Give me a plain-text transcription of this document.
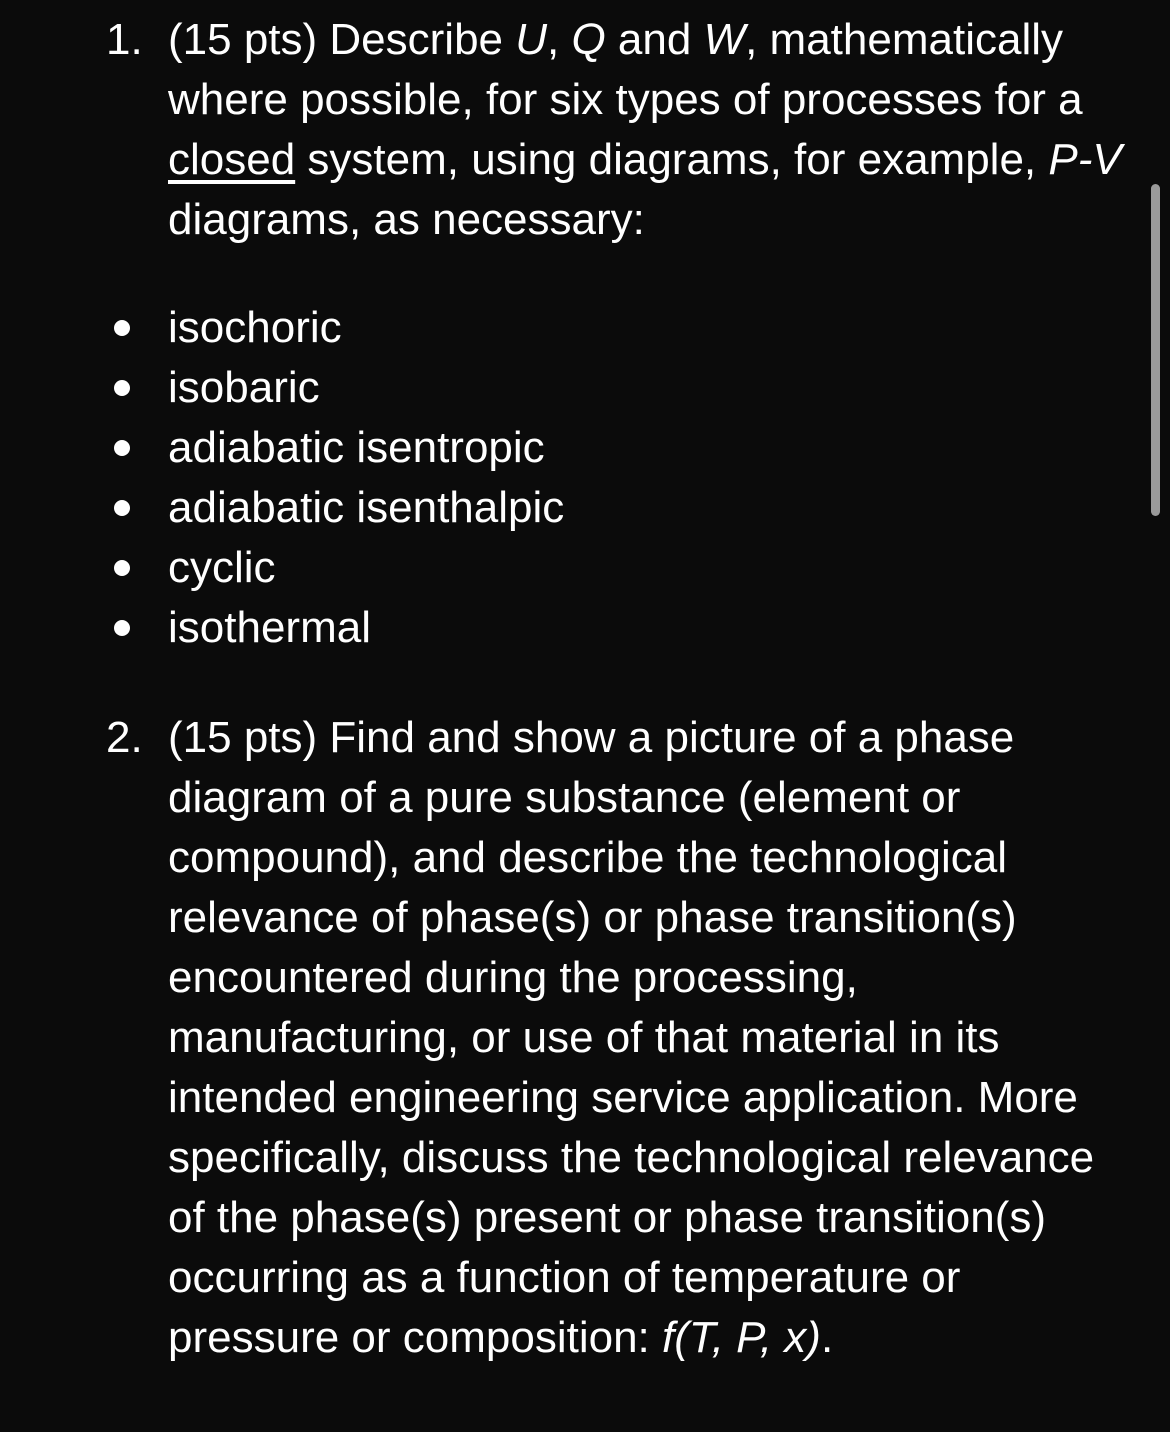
1. (15 pts) Describe U, Q and W, mathematically where possible, for six types of processes for a closed system, using diagrams, for example, P-V diagrams, as necessary:
isochoric
isobaric
adiabatic isentropic
adiabatic isenthalpic
cyclic
isothermal
2. (15 pts) Find and show a picture of a phase diagram of a pure substance (element or compound), and describe the technological relevance of phase(s) or phase transition(s) encountered during the processing, manufacturing, or use of that material in its intended engineering service application. More specifically, discuss the technological relevance of the phase(s) present or phase transition(s) occurring as a function of temperature or pressure or composition: f(T, P, x).
